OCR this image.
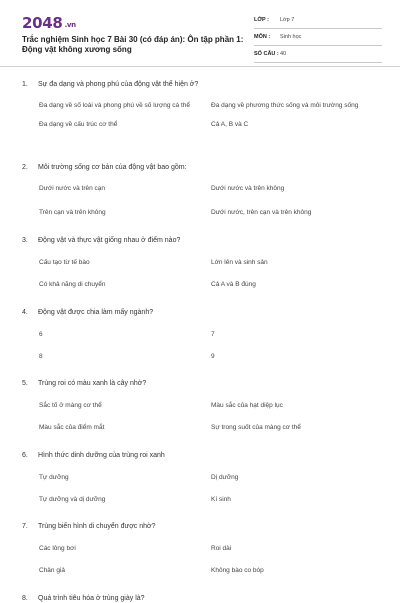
2048 .vn
Trắc nghiệm Sinh học 7 Bài 30 (có đáp án): Ôn tập phần 1: Động vật không xương sống
LỚP :	Lớp 7
MÔN :	Sinh học
SỐ CÂU : 40
1.	Sự đa dạng và phong phú của động vật thể hiện ở?
Đa dạng về số loài và phong phú về số lượng cá thể	Đa dạng về phương thức sống và môi trường sống
Đa dạng về cấu trúc cơ thể	Cả A, B và C
2.	Môi trường sống cơ bản của động vật bao gồm:
Dưới nước và trên cạn	Dưới nước và trên không
Trên cạn và trên không	Dưới nước, trên cạn và trên không
3.	Động vật và thực vật giống nhau ở điểm nào?
Cấu tạo từ tế bào	Lớn lên và sinh sản
Có khả năng di chuyển	Cả A và B đúng
4.	Động vật được chia làm mấy ngành?
6	7
8	9
5.	Trùng roi có màu xanh là cây nhờ?
Sắc tố ở màng cơ thể	Màu sắc của hạt diệp lục
Màu sắc của điểm mắt	Sự trong suốt của màng cơ thể
6.	Hình thức dinh dưỡng của trùng roi xanh
Tự dưỡng	Dị dưỡng
Tự dưỡng và dị dưỡng	Kí sinh
7.	Trùng biến hình di chuyển được nhờ?
Các lông bơi	Roi dài
Chân giả	Không bào co bóp
8.	Quá trình tiêu hóa ở trùng giày là?
